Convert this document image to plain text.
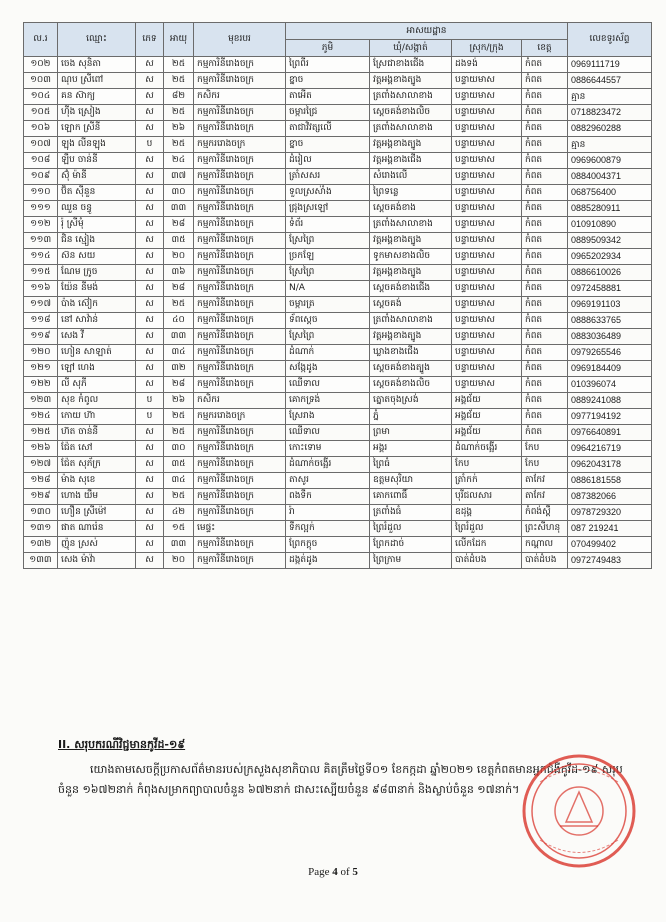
ល.រ	ឈ្មោះ	ភេទ	អាយុ	មុខរបរ	អាសយដ្ឋាន				លេខទូរស័ព្ទ
					ភូមិ	ឃុំ/សង្កាត់	ស្រុក/ក្រុង	ខេត្ត	
១០២	ចេង សុនិតា	ស	២៥	កម្មការិនីរោងចក្រ	ព្រៃពីរ	ស្រែជាខាងជើង	ដងទង់	កំពត	0969111719
១០៣	ណុប ស្រីពៅ	ស	២៥	កម្មការិនីរោងចក្រ	ខ្នាច	វត្តអង្គខាងត្បូង	បន្ទាយមាស	កំពត	0886644557
១០៤	គន ស៊ាក្យ	ស	៨២	កសិករ	តាអើត	ត្រពាំងសាលាខាង	បន្ទាយមាស	កំពត	គ្មាន
១០៥	ហ៊ីង ស្រៀង	ស	២៥	កម្មការិនីរោងចក្រ	ចម្ការជ្រៃ	ស្តេចគង់ខាងលិច	បន្ទាយមាស	កំពត	0718823472
១០៦	ឡោក ស្រីនី	ស	២៦	កម្មការិនីរោងចក្រ	តាជាវិវត្សលើ	ត្រពាំងសាលាខាង	បន្ទាយមាស	កំពត	0882960288
១០៧	ឡុង លីនឡុង	ប	២៥	កម្មកររោងចក្រ	ខ្នាច	វត្តអង្គខាងត្បូង	បន្ទាយមាស	កំពត	គ្មាន
១០៨	ឡឹប ចាន់នី	ស	២៤	កម្មការិនីរោងចក្រ	ដំរៀល	វត្តអង្គខាងជើង	បន្ទាយមាស	កំពត	0969600879
១០៩	ស៊ុំ ម៉ានី	ស	៣៧	កម្មការិនីរោងចក្រ	ត្រាំសសរ	សំរោងលើ	បន្ទាយមាស	កំពត	0884004371
១១០	ប៊ិត ស៊ីនួន	ស	៣០	កម្មការិនីរោងចក្រ	ទួលស្រស់ាំង	ព្រៃទន្លេ	បន្ទាយមាស	កំពត	068756400
១១១	ឈួន ចន្ធូ	ស	៣៣	កម្មការិនីរោងចក្រ	ជ្រុងស្រឡៅ	ស្តេចគង់ខាង	បន្ទាយមាស	កំពត	0885280911
១១២	រ៉ុ ស្រីមុំ	ស	២៨	កម្មការិនីរោងចក្រ	ទំព័រ	ត្រពាំងសាលាខាង	បន្ទាយមាស	កំពត	010910890
១១៣	ជិន ស្មៀង	ស	៣៥	កម្មការិនីរោងចក្រ	ស្រែព្រៃ	វត្តអង្គខាងត្បូង	បន្ទាយមាស	កំពត	0889509342
១១៤	ស៊ន សយ	ស	២០	កម្មការិនីរោងចក្រ	ច្រកឡែ	ទូកមាសខាងលិច	បន្ទាយមាស	កំពត	0965202934
១១៥	ណែម ក្រូច	ស	៣៦	កម្មការិនីរោងចក្រ	ស្រែព្រៃ	វត្តអង្គខាងត្បូង	បន្ទាយមាស	កំពត	0886610026
១១៦	យ៉ែន នីមង់	ស	២៨	កម្មការិនីរោងចក្រ	N/A	ស្តេចគង់ខាងជើង	បន្ទាយមាស	កំពត	0972458881
១១៧	ប៉ាង ស៊ៀក	ស	២៥	កម្មការិនីរោងចក្រ	ចម្ការត្រ	ស្តេចគង់	បន្ទាយមាស	កំពត	0969191103
១១៨	នៅ សាវ៉ាន់	ស	៤០	កម្មការិនីរោងចក្រ	ទ័ពស្តេច	ត្រពាំងសាលាខាង	បន្ទាយមាស	កំពត	0888633765
១១៩	សេង វី	ស	៣៣	កម្មការិនីរោងចក្រ	ស្រែព្រៃ	វត្តអង្គខាងត្បូង	បន្ទាយមាស	កំពត	0883036489
១២០	ហៀន សាឡាត់	ស	៣៤	កម្មការិនីរោងចក្រ	ដំណាក់	ឃ្លាងខាងជើង	បន្ទាយមាស	កំពត	0979265546
១២១	ឡៅ ហេង	ស	៣២	កម្មការិនីរោងចក្រ	សង្កែដូង	ស្តេចគង់ខាងត្បូង	បន្ទាយមាស	កំពត	0969184409
១២២	លី សុភី	ស	២៨	កម្មការិនីរោងចក្រ	ឈើទាល	ស្តេចគង់ខាងលិច	បន្ទាយមាស	កំពត	010396074
១២៣	សុខ កំពូល	ប	២៦	កសិករ	គោកទ្រង់	ត្នោតចុងស្រង់	អង្គជ័យ	កំពត	0889241088
១២៤	កោយ ហ៊ា	ប	២៥	កម្មកររោងចក្រ	ស្រែរាង	ភ្នំ	អង្គជ័យ	កំពត	0977194192
១២៥	ហ៊ត ចាន់នី	ស	២៥	កម្មការិនីរោងចក្រ	ឈើទាល	ព្រមា	អង្គជ័យ	កំពត	0976640891
១២៦	ជ៉ែត សៅ	ស	៣០	កម្មការិនីរោងចក្រ	កោះទោម	អង្គរ	ដំណាក់ចង្អើរ	កែប	0964216719
១២៧	ជ៉ែត សុភ័ក្រ	ស	៣៥	កម្មការិនីរោងចក្រ	ដំណាក់ចង្អើរ	ព្រៃធំ	កែប	កែប	0962043178
១២៨	ម៉ាង សុខេ	ស	៣៤	កម្មការិនីរោងចក្រ	តាសូរ	ឧត្តមសុរិយា	ត្រាំកក់	តាកែវ	0886181558
១២៩	ហោង យឹម	ស	២៥	កម្មការិនីរោងចក្រ	ពងទឹក	គោកពោធិ៍	បុរីជលសារ	តាកែវ	087382066
១៣០	ហឿន ស្រីម៉ៅ	ស	៤២	កម្មការិនីរោងចក្រ	រ៉ា	ត្រពាំងធំ	ឧដុង្គ	កំពង់ស្ពឺ	0978729320
១៣១	ផាត ណារ៉េន	ស	១៥	មេផ្ទះ	ទឹកល្អក់	ព្រៃរំដួល	ព្រៃរំដួល	ព្រះសីហនុ	087 219241
១៣២	ញ៉ុន ស្រស់	ស	៣៣	កម្មការិនីរោងចក្រ	ព្រែកក្តុច	ព្រែកដាច់	លើកដែក	កណ្តាល	070499402
១៣៣	សេង ម៉ាវ៉ា	ស	២០	កម្មការិនីរោងចក្រ	ដង្កត់ដូង	ព្រៃក្រាម	បាត់ដំបង	បាត់ដំបង	0972749483

II. សរុបករណីវិជ្ជមានកូវីដ-១៩

យោងតាមសេចក្តីប្រកាសព័ត៌មានរបស់ក្រសួងសុខាភិបាល គិតត្រឹមថ្ងៃទី០១ ខែកក្កដា ឆ្នាំ២០២១ ខេត្តកំពតមានអ្នកជំងឺកូវីដ-១៩ សរុបចំនួន ១៦៧២នាក់ កំពុងសម្រាកព្យាបាលចំនួន ៦៧២នាក់ ជាសះស្បើយចំនួន ៩៨៣នាក់ និងស្លាប់ចំនួន ១៧នាក់។

Page 4 of 5
